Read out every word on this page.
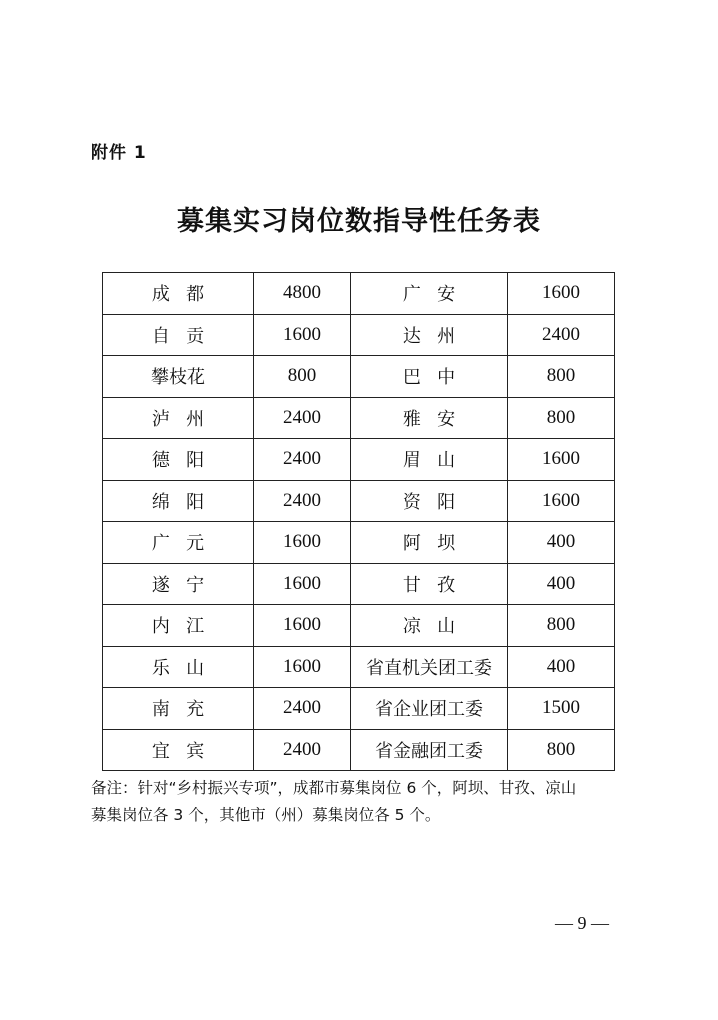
附件 1
募集实习岗位数指导性任务表
成都	4800	广安	1600
自贡	1600	达州	2400
攀枝花	800	巴中	800
泸州	2400	雅安	800
德阳	2400	眉山	1600
绵阳	2400	资阳	1600
广元	1600	阿坝	400
遂宁	1600	甘孜	400
内江	1600	凉山	800
乐山	1600	省直机关团工委	400
南充	2400	省企业团工委	1500
宜宾	2400	省金融团工委	800
备注：针对“乡村振兴专项”，成都市募集岗位 6 个，阿坝、甘孜、凉山
募集岗位各 3 个，其他市（州）募集岗位各 5 个。
— 9 —
